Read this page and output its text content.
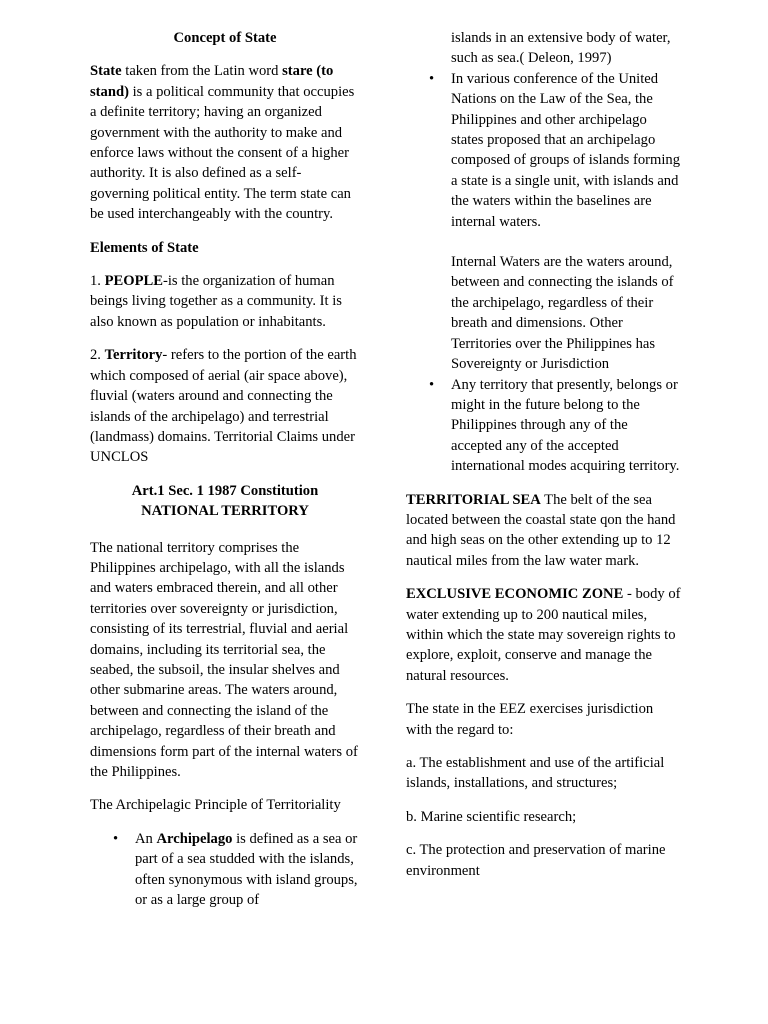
Concept of State

State taken from the Latin word stare (to stand) is a political community that occupies a definite territory; having an organized government with the authority to make and enforce laws without the consent of a higher authority. It is also defined as a self-governing political entity. The term state can be used interchangeably with the country.

Elements of State

1. PEOPLE-is the organization of human beings living together as a community. It is also known as population or inhabitants.

2. Territory- refers to the portion of the earth which composed of aerial (air space above), fluvial (waters around and connecting the islands of the archipelago) and terrestrial (landmass) domains. Territorial Claims under UNCLOS

Art.1 Sec. 1 1987 Constitution
NATIONAL TERRITORY

The national territory comprises the Philippines archipelago, with all the islands and waters embraced therein, and all other territories over sovereignty or jurisdiction, consisting of its terrestrial, fluvial and aerial domains, including its territorial sea, the seabed, the subsoil, the insular shelves and other submarine areas. The waters around, between and connecting the island of the archipelago, regardless of their breath and dimensions form part of the internal waters of the Philippines.

The Archipelagic Principle of Territoriality

• An Archipelago is defined as a sea or part of a sea studded with the islands, often synonymous with island groups, or as a large group of
islands in an extensive body of water, such as sea.( Deleon, 1997)
• In various conference of the United Nations on the Law of the Sea, the Philippines and other archipelago states proposed that an archipelago composed of groups of islands forming a state is a single unit, with islands and the waters within the baselines are internal waters.
Internal Waters are the waters around, between and connecting the islands of the archipelago, regardless of their breath and dimensions. Other Territories over the Philippines has Sovereignty or Jurisdiction
• Any territory that presently, belongs or might in the future belong to the Philippines through any of the accepted any of the accepted international modes acquiring territory.

TERRITORIAL SEA The belt of the sea located between the coastal state qon the hand and high seas on the other extending up to 12 nautical miles from the law water mark.

EXCLUSIVE ECONOMIC ZONE - body of water extending up to 200 nautical miles, within which the state may sovereign rights to explore, exploit, conserve and manage the natural resources.

The state in the EEZ exercises jurisdiction with the regard to:

a. The establishment and use of the artificial islands, installations, and structures;

b. Marine scientific research;

c. The protection and preservation of marine environment
